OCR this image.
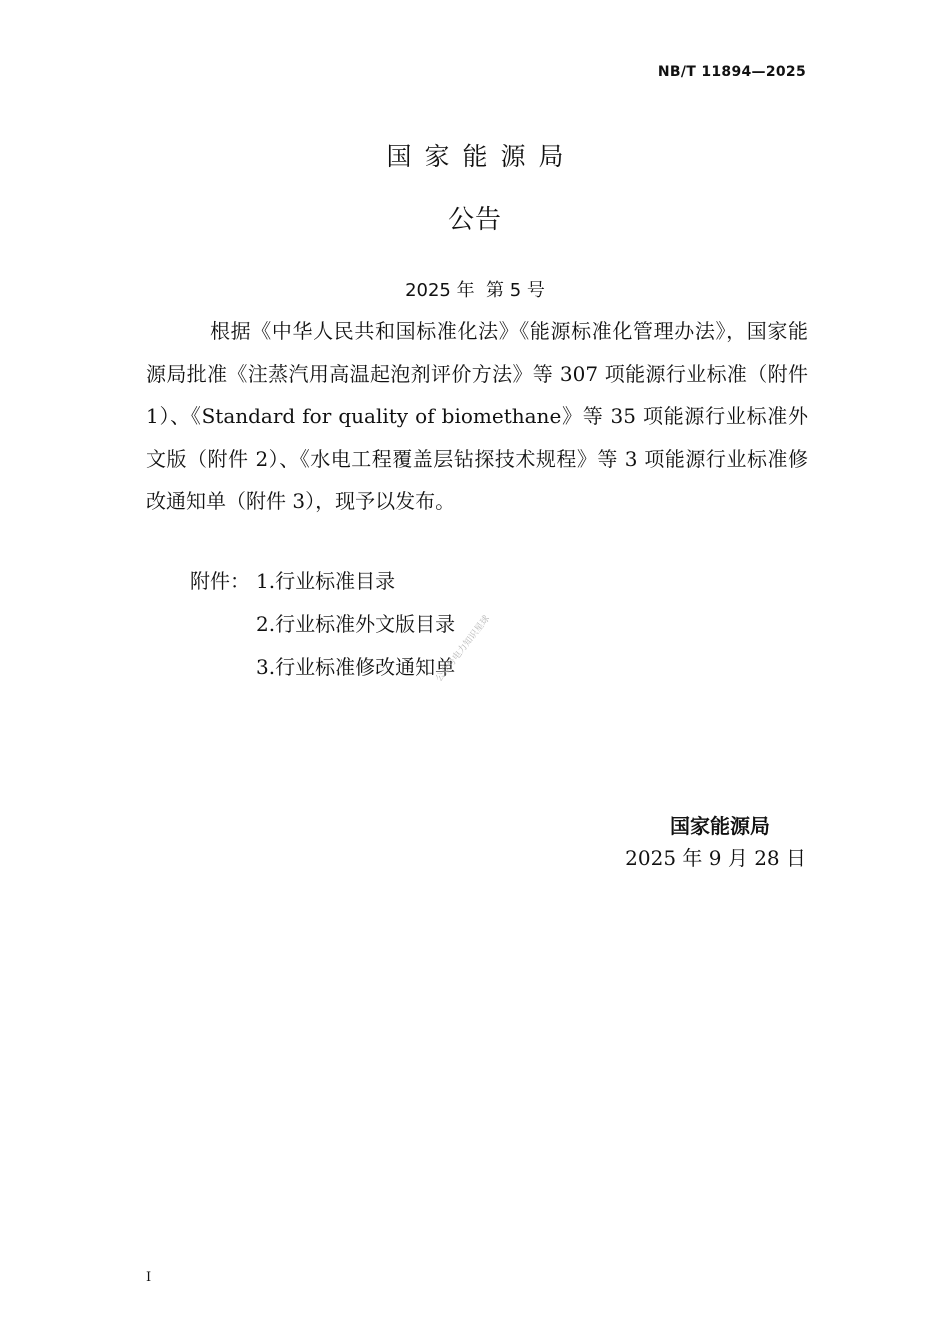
NB/T 11894—2025
国家能源局
公告
2025 年  第 5 号

根据《中华人民共和国标准化法》《能源标准化管理办法》，国家能源局批准《注蒸汽用高温起泡剂评价方法》等 307 项能源行业标准（附件 1）、《Standard for quality of biomethane》等 35 项能源行业标准外文版（附件 2）、《水电工程覆盖层钻探技术规程》等 3 项能源行业标准修改通知单（附件 3），现予以发布。

附件： 1.行业标准目录
2.行业标准外文版目录
3.行业标准修改通知单
公众号电力知识星球
国家能源局
2025 年 9 月 28 日
I
